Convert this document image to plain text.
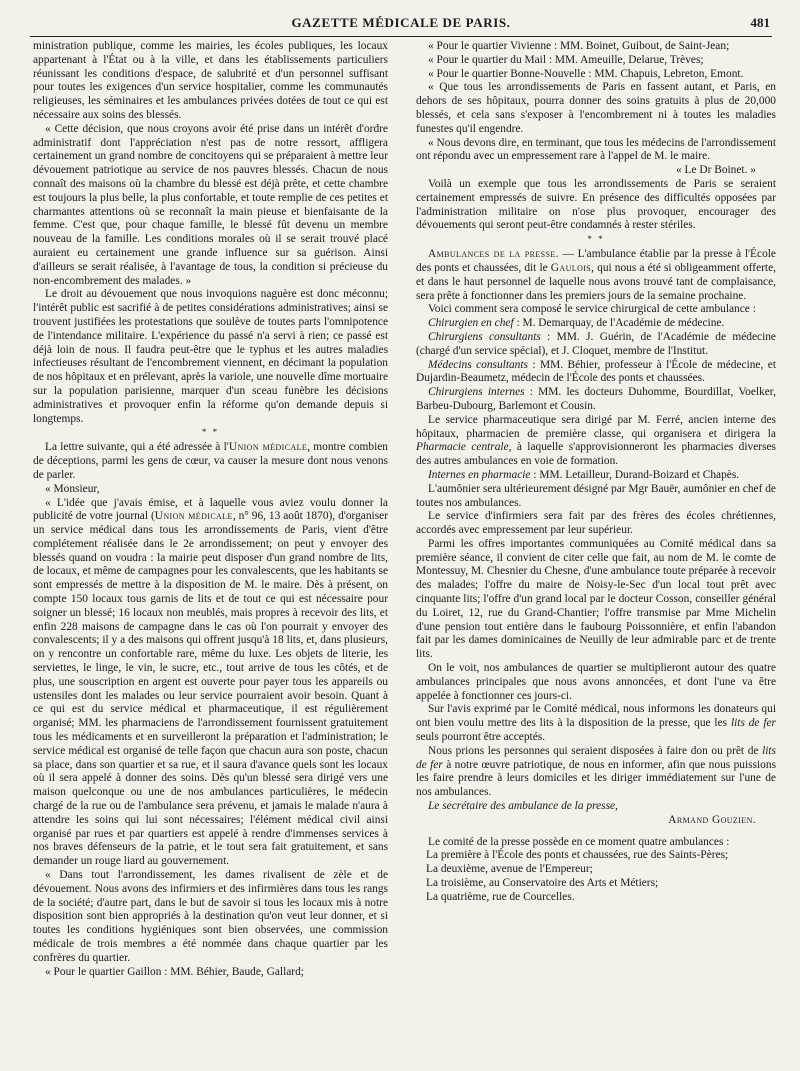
GAZETTE MÉDICALE DE PARIS.	481

ministration publique, comme les mairies, les écoles publiques, les locaux appartenant à l'État ou à la ville, et dans les établissements particuliers réunissant les conditions d'espace, de salubrité et d'un personnel suffisant pour toutes les exigences d'un service hospitalier, comme les communautés religieuses, les séminaires et les ambulances privées dotées de tout ce qui est nécessaire aux soins des blessés.

« Cette décision, que nous croyons avoir été prise dans un intérêt d'ordre administratif dont l'appréciation n'est pas de notre ressort, affligera certainement un grand nombre de concitoyens qui se préparaient à mettre leur dévouement patriotique au service de nos pauvres blessés. Chacun de nous connaît des maisons où la chambre du blessé est déjà prête, et cette chambre est toujours la plus belle, la plus confortable, et toute remplie de ces petites et charmantes attentions où se reconnaît la main pieuse et bienfaisante de la femme. C'est que, pour chaque famille, le blessé fût devenu un membre nouveau de la famille. Les conditions morales où il se serait trouvé placé auraient eu certainement une grande influence sur sa guérison. Ainsi d'ailleurs se serait réalisée, à l'avantage de tous, la condition si précieuse du non-encombrement des malades. »

Le droit au dévouement que nous invoquions naguère est donc méconnu; l'intérêt public est sacrifié à de petites considérations administratives; ainsi se trouvent justifiées les protestations que soulève de toutes parts l'omnipotence de l'intendance militaire. L'expérience du passé n'a servi à rien; ce passé est déjà loin de nous. Il faudra peut-être que le typhus et les autres maladies infectieuses résultant de l'encombrement viennent, en décimant la population de nos hôpitaux et en prélevant, après la variole, une nouvelle dîme mortuaire sur la population parisienne, marquer d'un sceau funèbre les décisions administratives et provoquer enfin la réforme qu'on demande depuis si longtemps.

* *

La lettre suivante, qui a été adressée à l'Union médicale, montre combien de déceptions, parmi les gens de cœur, va causer la mesure dont nous venons de parler.

« Monsieur,

« L'idée que j'avais émise, et à laquelle vous aviez voulu donner la publicité de votre journal (Union médicale, n° 96, 13 août 1870), d'organiser un service médical dans tous les arrondissements de Paris, vient d'être complétement réalisée dans le 2e arrondissement; on peut y envoyer des blessés quand on voudra : la mairie peut disposer d'un grand nombre de lits, de locaux, et même de campagnes pour les convalescents, que les habitants se sont empressés de mettre à la disposition de M. le maire. Dès à présent, on compte 150 locaux tous garnis de lits et de tout ce qui est nécessaire pour soigner un blessé; 16 locaux non meublés, mais propres à recevoir des lits, et enfin 228 maisons de campagne dans le cas où l'on pourrait y envoyer des convalescents; il y a des maisons qui offrent jusqu'à 18 lits, et, dans plusieurs, on y rencontre un confortable rare, même du luxe. Les objets de literie, les serviettes, le linge, le vin, le sucre, etc., tout arrive de tous les côtés, et de plus, une souscription en argent est ouverte pour payer tous les appareils ou ustensiles dont les malades ou leur service pourraient avoir besoin. Quant à ce qui est du service médical et pharmaceutique, il est régulièrement organisé; MM. les pharmaciens de l'arrondissement fournissent gratuitement tous les médicaments et en surveilleront la préparation et l'administration; le service médical est organisé de telle façon que chacun aura son poste, chacun sa place, dans son quartier et sa rue, et il saura d'avance quels sont les locaux où il sera appelé à donner des soins. Dès qu'un blessé sera dirigé vers une maison quelconque ou une de nos ambulances particulières, le médecin chargé de la rue ou de l'ambulance sera prévenu, et jamais le malade n'aura à attendre les soins qui lui sont nécessaires; l'élément médical civil ainsi organisé par rues et par quartiers est appelé à rendre d'immenses services à nos braves défenseurs de la patrie, et le tout sera fait gratuitement, et sans demander un rouge liard au gouvernement.

« Dans tout l'arrondissement, les dames rivalisent de zèle et de dévouement. Nous avons des infirmiers et des infirmières dans tous les rangs de la société; d'autre part, dans le but de savoir si tous les locaux mis à notre disposition sont bien appropriés à la destination qu'on veut leur donner, et si toutes les conditions hygiéniques sont bien observées, une commission médicale de trois membres a été nommée dans chaque quartier par les confrères du quartier.

« Pour le quartier Gaillon : MM. Béhier, Baude, Gallard;

« Pour le quartier Vivienne : MM. Boinet, Guibout, de Saint-Jean;

« Pour le quartier du Mail : MM. Ameuille, Delarue, Trèves;

« Pour le quartier Bonne-Nouvelle : MM. Chapuis, Lebreton, Emont.

« Que tous les arrondissements de Paris en fassent autant, et Paris, en dehors de ses hôpitaux, pourra donner des soins gratuits à plus de 20,000 blessés, et cela sans s'exposer à l'encombrement ni à toutes les maladies funestes qu'il engendre.

« Nous devons dire, en terminant, que tous les médecins de l'arrondissement ont répondu avec un empressement rare à l'appel de M. le maire.

« Le Dr Boinet. »

Voilà un exemple que tous les arrondissements de Paris se seraient certainement empressés de suivre. En présence des difficultés opposées par l'administration militaire on n'ose plus provoquer, encourager des dévouements qui seront peut-être condamnés à rester stériles.

* *

Ambulances de la presse. — L'ambulance établie par la presse à l'École des ponts et chaussées, dit le Gaulois, qui nous a été si obligeamment offerte, et dans le haut personnel de laquelle nous avons trouvé tant de complaisance, sera prête à fonctionner dans les premiers jours de la semaine prochaine.

Voici comment sera composé le service chirurgical de cette ambulance :

Chirurgien en chef : M. Demarquay, de l'Académie de médecine.

Chirurgiens consultants : MM. J. Guérin, de l'Académie de médecine (chargé d'un service spécial), et J. Cloquet, membre de l'Institut.

Médecins consultants : MM. Béhier, professeur à l'École de médecine, et Dujardin-Beaumetz, médecin de l'École des ponts et chaussées.

Chirurgiens internes : MM. les docteurs Duhomme, Bourdillat, Voelker, Barbeu-Dubourg, Barlemont et Cousin.

Le service pharmaceutique sera dirigé par M. Ferré, ancien interne des hôpitaux, pharmacien de première classe, qui organisera et dirigera la Pharmacie centrale, à laquelle s'approvisionneront les pharmacies diverses des autres ambulances en voie de formation.

Internes en pharmacie : MM. Letailleur, Durand-Boizard et Chapès.

L'aumônier sera ultérieurement désigné par Mgr Bauër, aumônier en chef de toutes nos ambulances.

Le service d'infirmiers sera fait par des frères des écoles chrétiennes, accordés avec empressement par leur supérieur.

Parmi les offres importantes communiquées au Comité médical dans sa première séance, il convient de citer celle que fait, au nom de M. le comte de Montessuy, M. Chesnier du Chesne, d'une ambulance toute préparée à recevoir des malades; l'offre du maire de Noisy-le-Sec d'un local tout prêt avec cinquante lits; l'offre d'un grand local par le docteur Cosson, conseiller général du Loiret, 12, rue du Grand-Chantier; l'offre transmise par Mme Michelin d'une pension tout entière dans le faubourg Poissonnière, et enfin l'abandon fait par les dames dominicaines de Neuilly de leur admirable parc et de trente lits.

On le voit, nos ambulances de quartier se multiplieront autour des quatre ambulances principales que nous avons annoncées, et dont l'une va être appelée à fonctionner ces jours-ci.

Sur l'avis exprimé par le Comité médical, nous informons les donateurs qui ont bien voulu mettre des lits à la disposition de la presse, que les lits de fer seuls pourront être acceptés.

Nous prions les personnes qui seraient disposées à faire don ou prêt de lits de fer à notre œuvre patriotique, de nous en informer, afin que nous puissions les faire prendre à leurs domiciles et les diriger immédiatement sur l'une de nos ambulances.

Le secrétaire des ambulance de la presse,

Armand Gouzien.

Le comité de la presse possède en ce moment quatre ambulances :

La première à l'École des ponts et chaussées, rue des Saints-Pères;

La deuxième, avenue de l'Empereur;

La troisième, au Conservatoire des Arts et Métiers;

La quatrième, rue de Courcelles.
